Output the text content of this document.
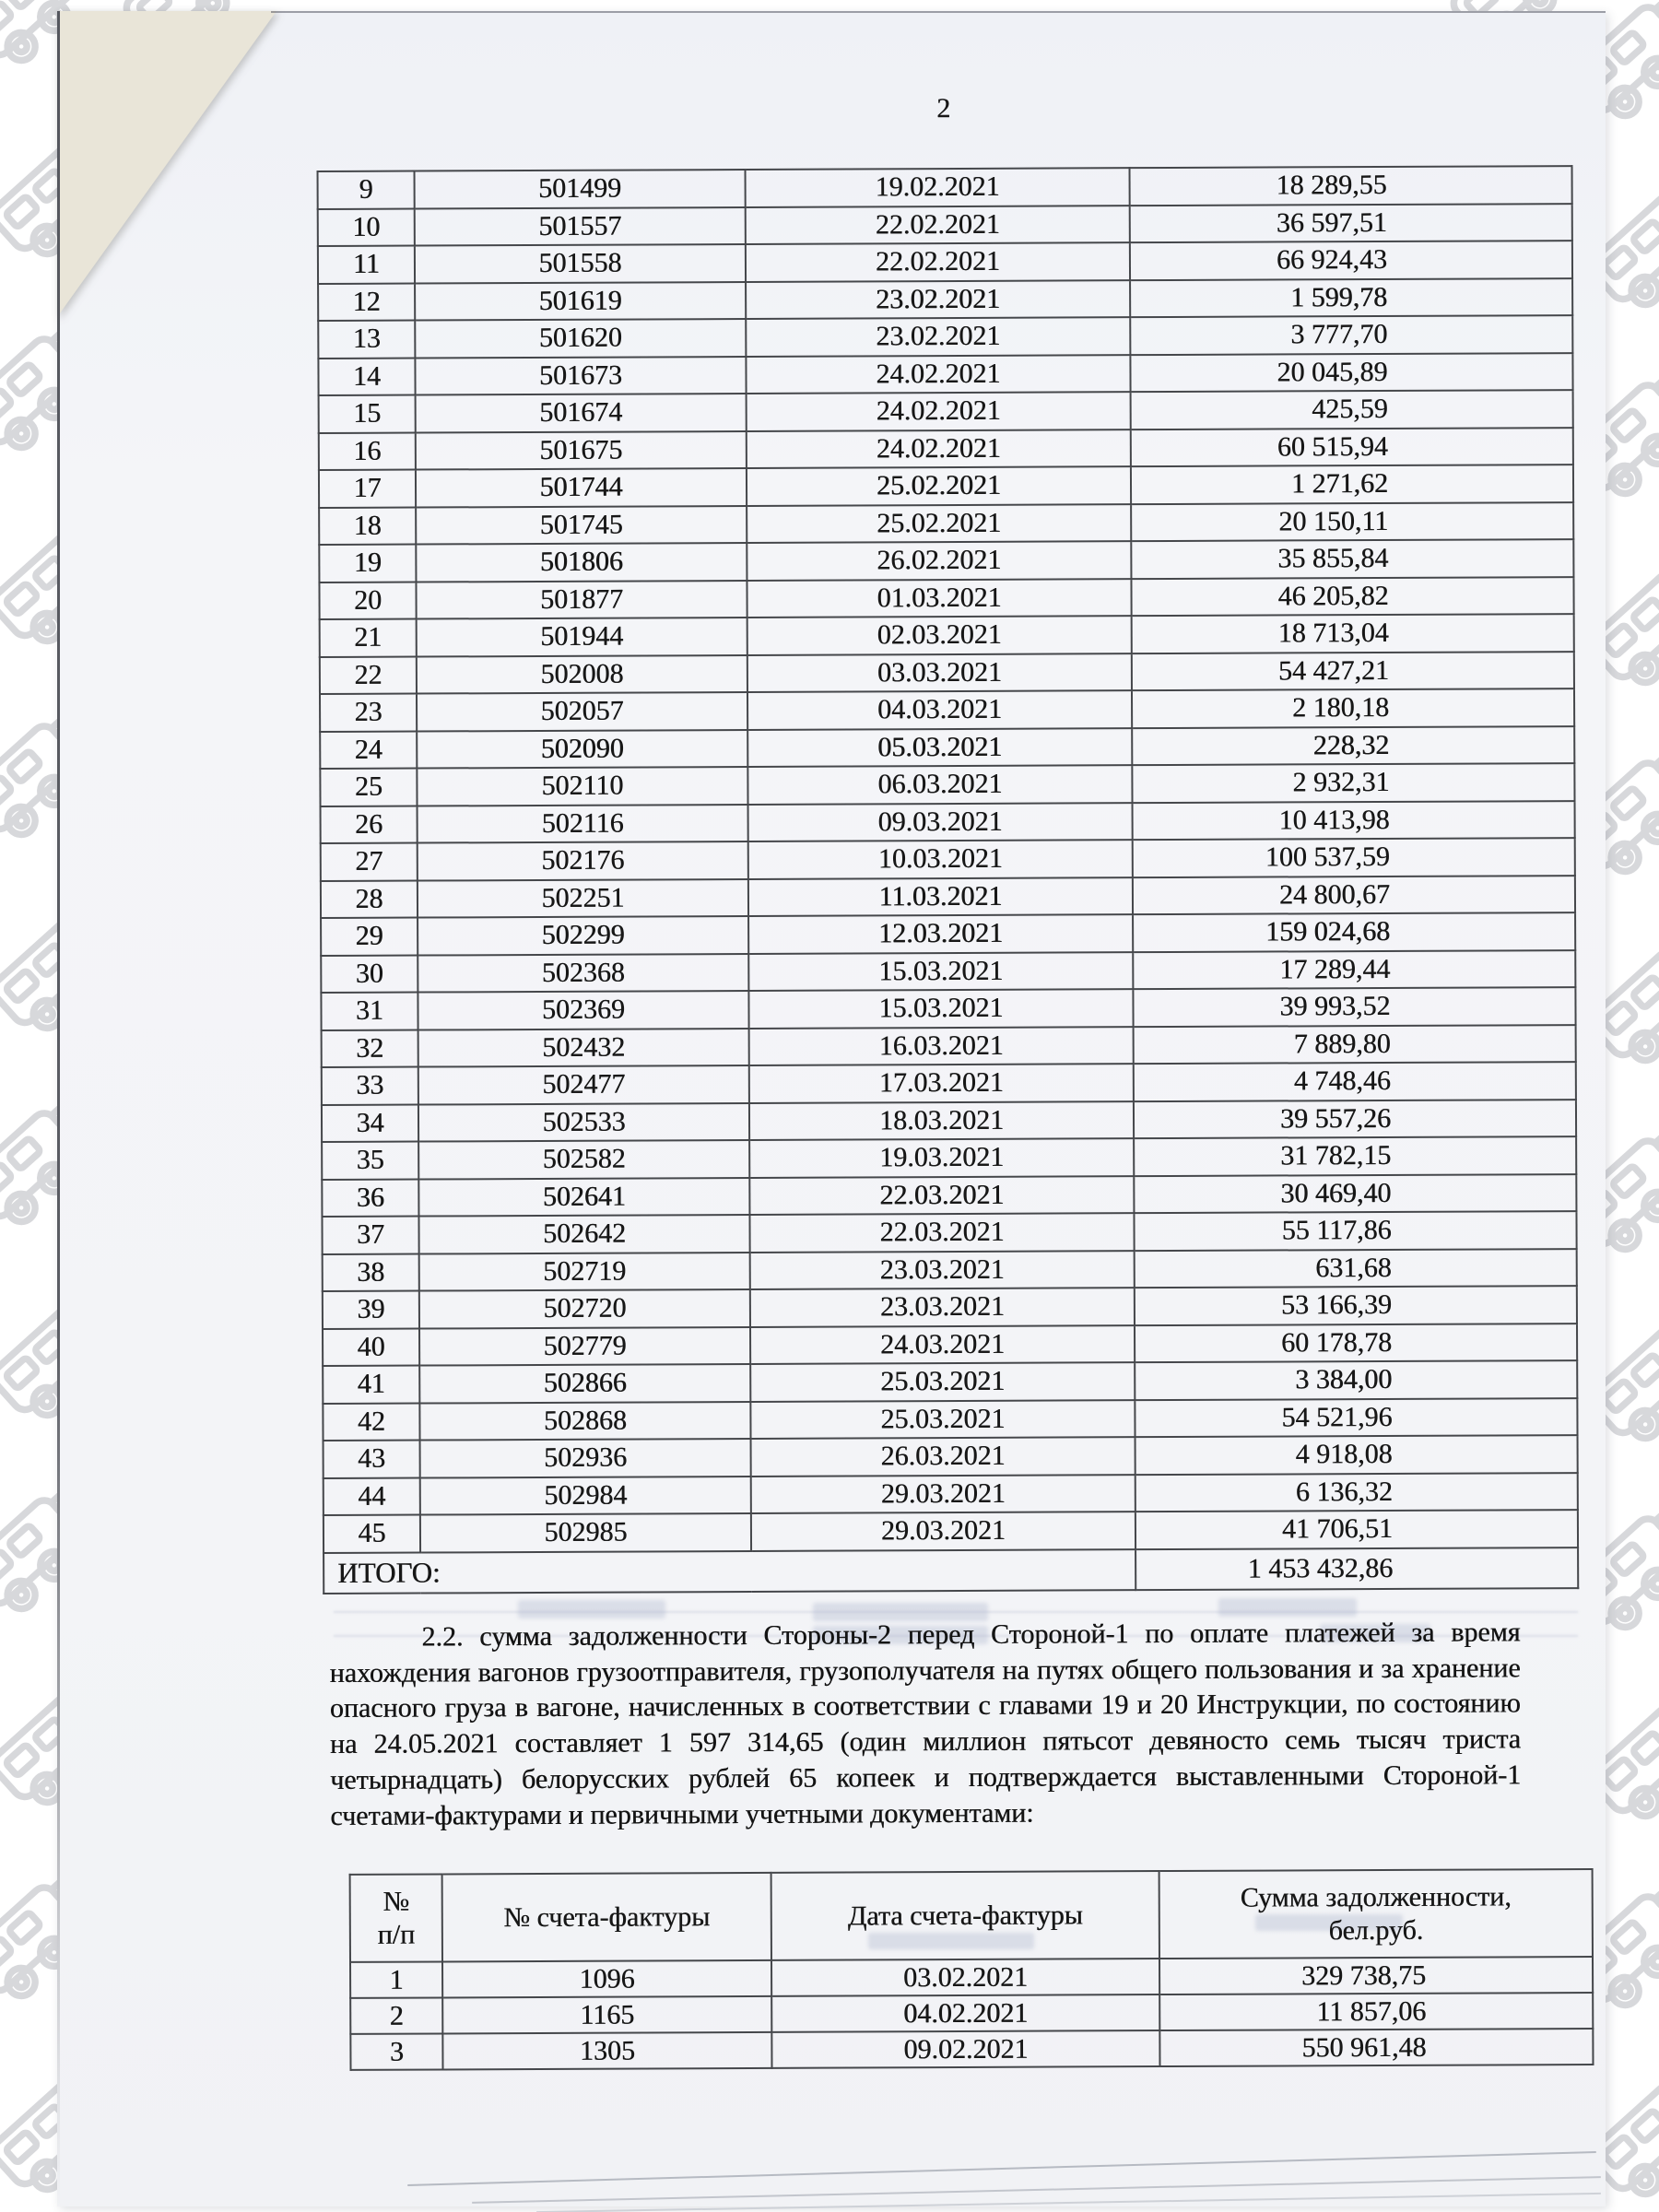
2
9	501499	19.02.2021	18 289,55
10	501557	22.02.2021	36 597,51
11	501558	22.02.2021	66 924,43
12	501619	23.02.2021	1 599,78
13	501620	23.02.2021	3 777,70
14	501673	24.02.2021	20 045,89
15	501674	24.02.2021	425,59
16	501675	24.02.2021	60 515,94
17	501744	25.02.2021	1 271,62
18	501745	25.02.2021	20 150,11
19	501806	26.02.2021	35 855,84
20	501877	01.03.2021	46 205,82
21	501944	02.03.2021	18 713,04
22	502008	03.03.2021	54 427,21
23	502057	04.03.2021	2 180,18
24	502090	05.03.2021	228,32
25	502110	06.03.2021	2 932,31
26	502116	09.03.2021	10 413,98
27	502176	10.03.2021	100 537,59
28	502251	11.03.2021	24 800,67
29	502299	12.03.2021	159 024,68
30	502368	15.03.2021	17 289,44
31	502369	15.03.2021	39 993,52
32	502432	16.03.2021	7 889,80
33	502477	17.03.2021	4 748,46
34	502533	18.03.2021	39 557,26
35	502582	19.03.2021	31 782,15
36	502641	22.03.2021	30 469,40
37	502642	22.03.2021	55 117,86
38	502719	23.03.2021	631,68
39	502720	23.03.2021	53 166,39
40	502779	24.03.2021	60 178,78
41	502866	25.03.2021	3 384,00
42	502868	25.03.2021	54 521,96
43	502936	26.03.2021	4 918,08
44	502984	29.03.2021	6 136,32
45	502985	29.03.2021	41 706,51
ИТОГО:			1 453 432,86
2.2. сумма задолженности Стороны-2 перед Стороной-1 по оплате платежей за время нахождения вагонов грузоотправителя, грузополучателя на путях общего пользования и за хранение опасного груза в вагоне, начисленных в соответствии с главами 19 и 20 Инструкции, по состоянию на 24.05.2021 составляет 1 597 314,65 (один миллион пятьсот девяносто семь тысяч триста четырнадцать) белорусских рублей 65 копеек и подтверждается выставленными Стороной-1 счетами-фактурами и первичными учетными документами:
№
п/п	№ счета-фактуры	Дата счета-фактуры	Сумма задолженности,
бел.руб.
1	1096	03.02.2021	329 738,75
2	1165	04.02.2021	11 857,06
3	1305	09.02.2021	550 961,48
